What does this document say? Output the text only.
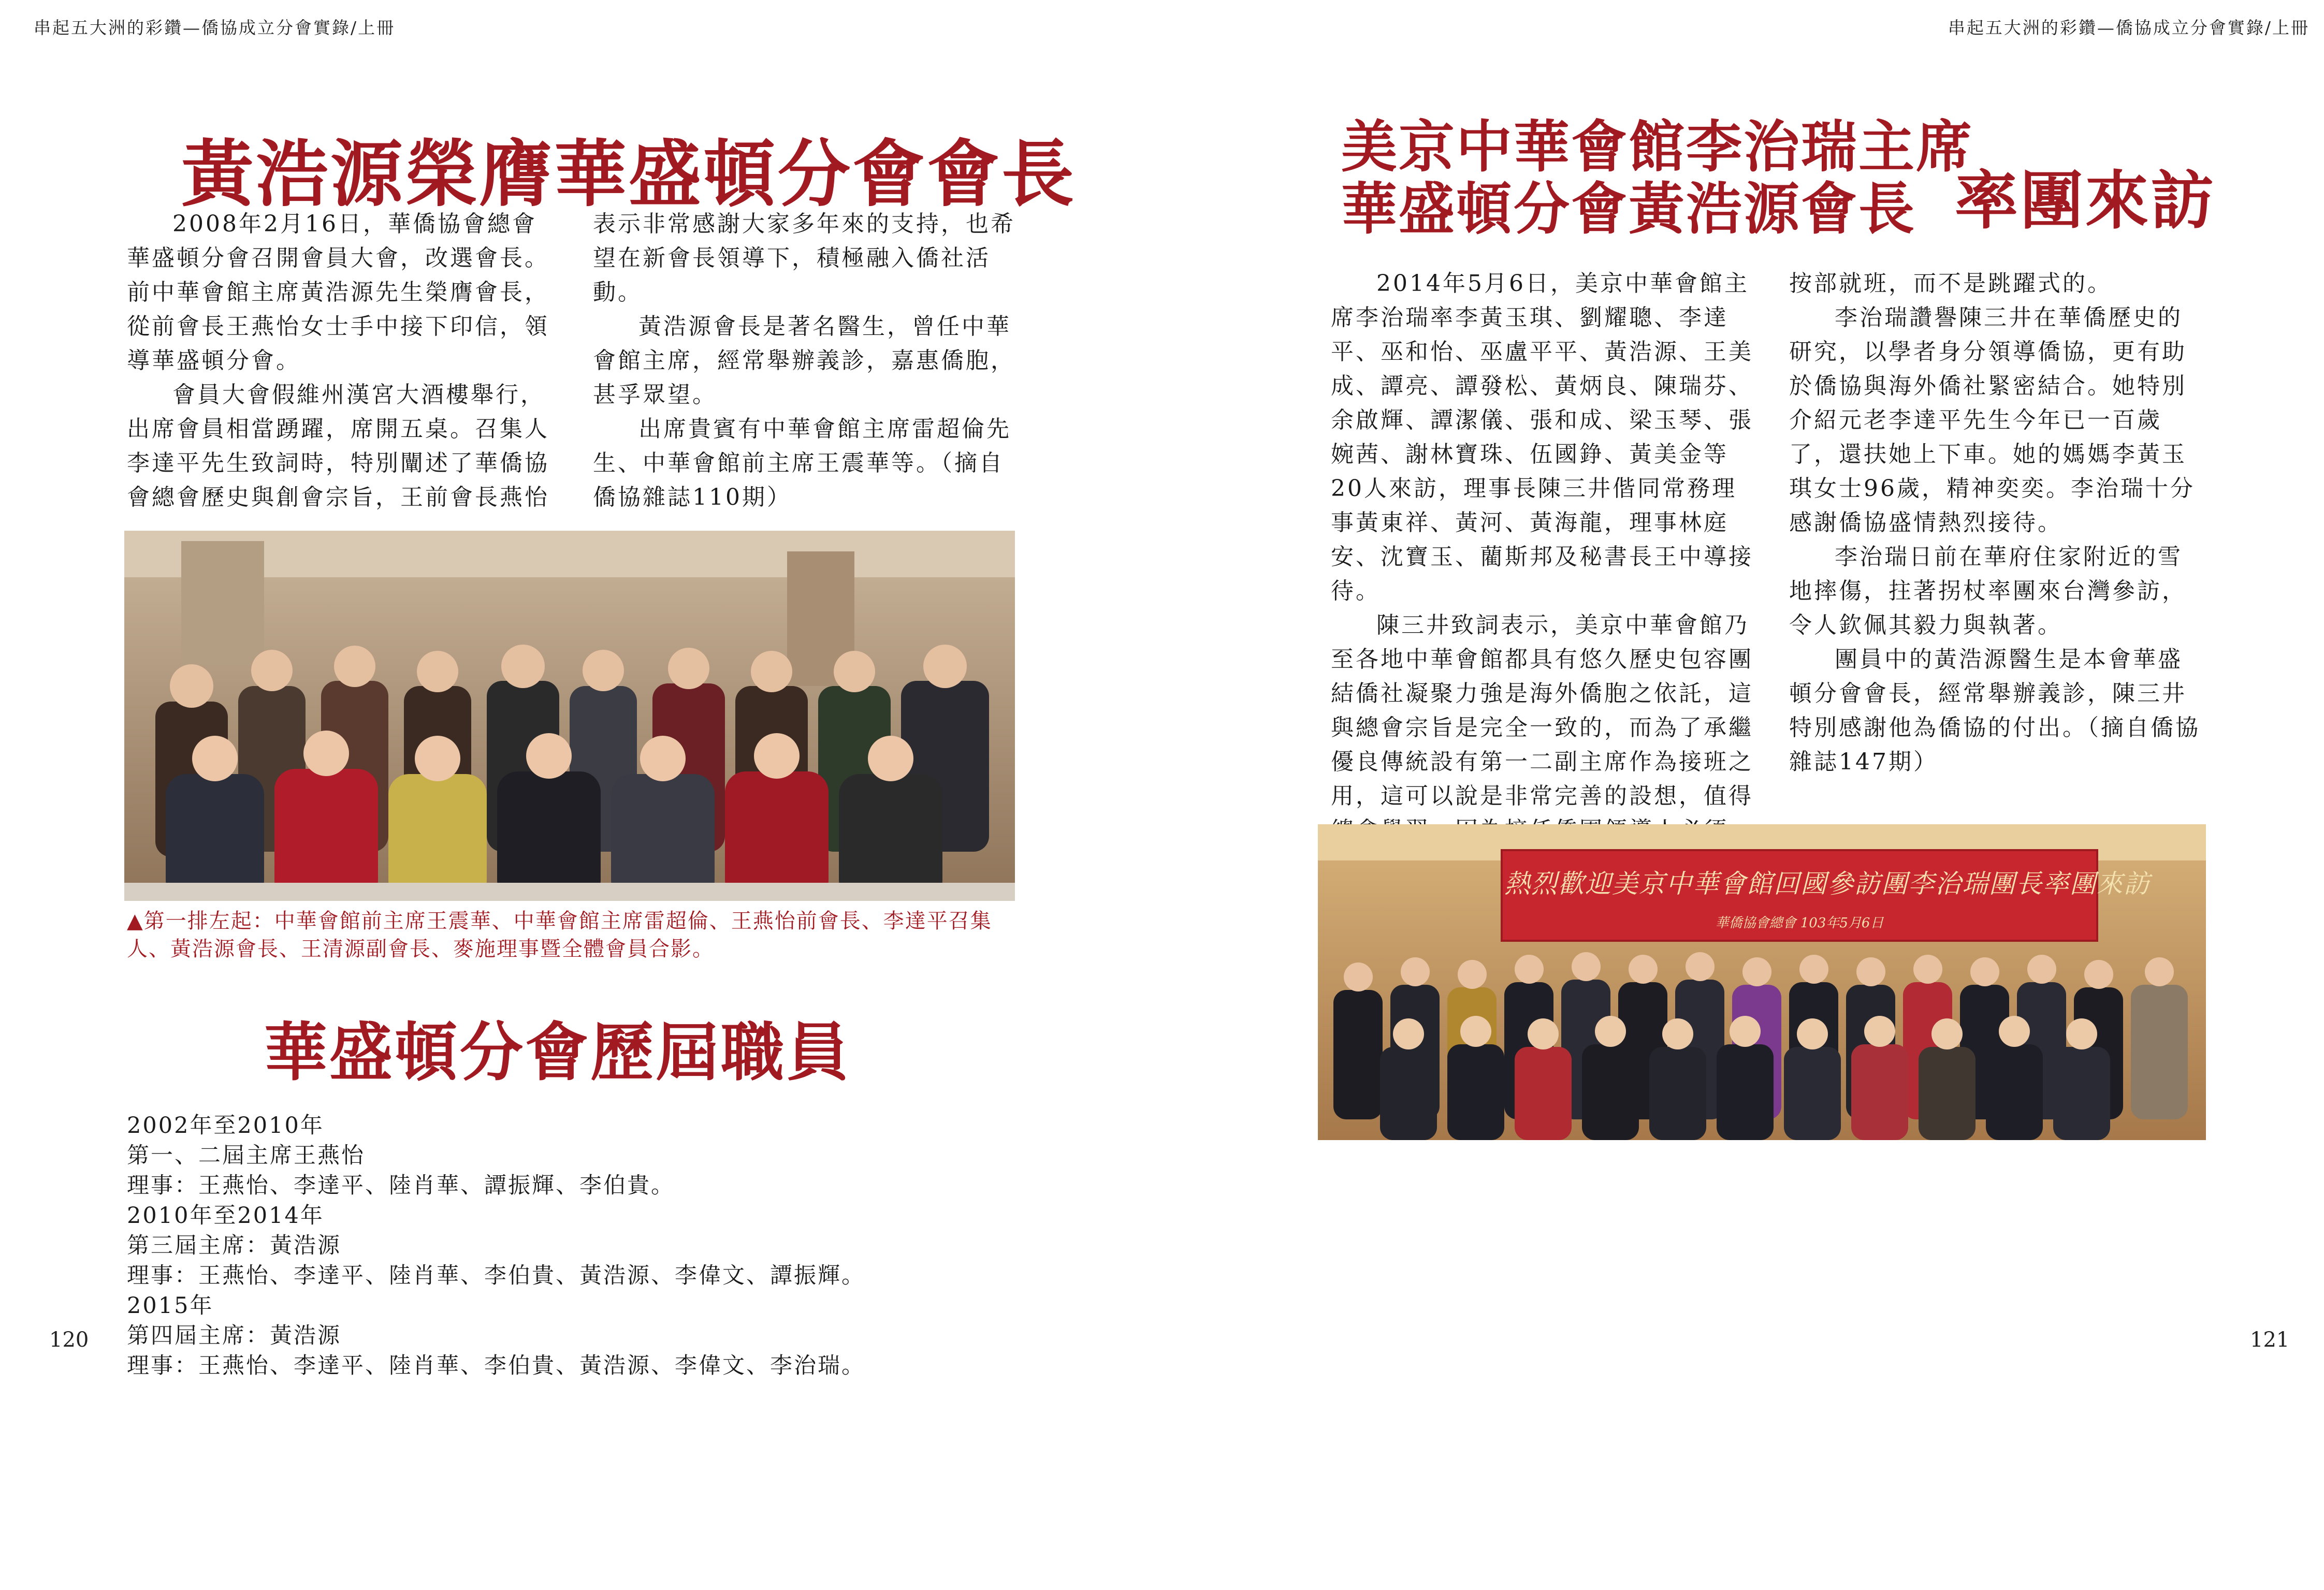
串起五大洲的彩鑽—僑協成立分會實錄/上冊	串起五大洲的彩鑽—僑協成立分會實錄/上冊
黃浩源榮膺華盛頓分會會長

2008年2月16日，華僑協會總會華盛頓分會召開會員大會，改選會長。前中華會館主席黃浩源先生榮膺會長，從前會長王燕怡女士手中接下印信，領導華盛頓分會。

會員大會假維州漢宮大酒樓舉行，出席會員相當踴躍，席開五桌。召集人李達平先生致詞時，特別闡述了華僑協會總會歷史與創會宗旨，王前會長燕怡

表示非常感謝大家多年來的支持，也希望在新會長領導下，積極融入僑社活動。

黃浩源會長是著名醫生，曾任中華會館主席，經常舉辦義診，嘉惠僑胞，甚孚眾望。

出席貴賓有中華會館主席雷超倫先生、中華會館前主席王震華等。（摘自僑協雜誌110期）

▲第一排左起：中華會館前主席王震華、中華會館主席雷超倫、王燕怡前會長、李達平召集人、黃浩源會長、王清源副會長、麥施理事暨全體會員合影。
華盛頓分會歷屆職員
2002年至2010年
第一、二屆主席王燕怡
理事：王燕怡、李達平、陸肖華、譚振輝、李伯貴。
2010年至2014年
第三屆主席：黃浩源
理事：王燕怡、李達平、陸肖華、李伯貴、黃浩源、李偉文、譚振輝。
2015年
第四屆主席：黃浩源
理事：王燕怡、李達平、陸肖華、李伯貴、黃浩源、李偉文、李治瑞。
120
美京中華會館李治瑞主席
華盛頓分會黃浩源會長 率團來訪

2014年5月6日，美京中華會館主席李治瑞率李黃玉琪、劉耀聰、李達平、巫和怡、巫盧平平、黃浩源、王美成、譚亮、譚發松、黃炳良、陳瑞芬、余啟輝、譚潔儀、張和成、梁玉琴、張婉茜、謝林寶珠、伍國錚、黃美金等20人來訪，理事長陳三井偕同常務理事黃東祥、黃河、黃海龍，理事林庭安、沈寶玉、藺斯邦及秘書長王中導接待。

陳三井致詞表示，美京中華會館乃至各地中華會館都具有悠久歷史包容團結僑社凝聚力強是海外僑胞之依託，這與總會宗旨是完全一致的，而為了承繼優良傳統設有第一二副主席作為接班之用，這可以說是非常完善的設想，值得

按部就班，而不是跳躍式的。

李治瑞讚譽陳三井在華僑歷史的研究，以學者身分領導僑協，更有助於僑協與海外僑社緊密結合。她特別介紹元老李達平先生今年已一百歲了，還扶她上下車。她的媽媽李黃玉琪女士96歲，精神奕奕。李治瑞十分感謝僑協盛情熱烈接待。

李治瑞日前在華府住家附近的雪地摔傷，拄著拐杖率團來台灣參訪，令人欽佩其毅力與執著。

團員中的黃浩源醫生是本會華盛頓分會會長，經常舉辦義診，陳三井特別感謝他為僑協的付出。（摘自僑協雜誌147期）

熱烈歡迎美京中華會館回國參訪團李治瑞團長率團來訪
華僑協會總會 103年5月6日
121
